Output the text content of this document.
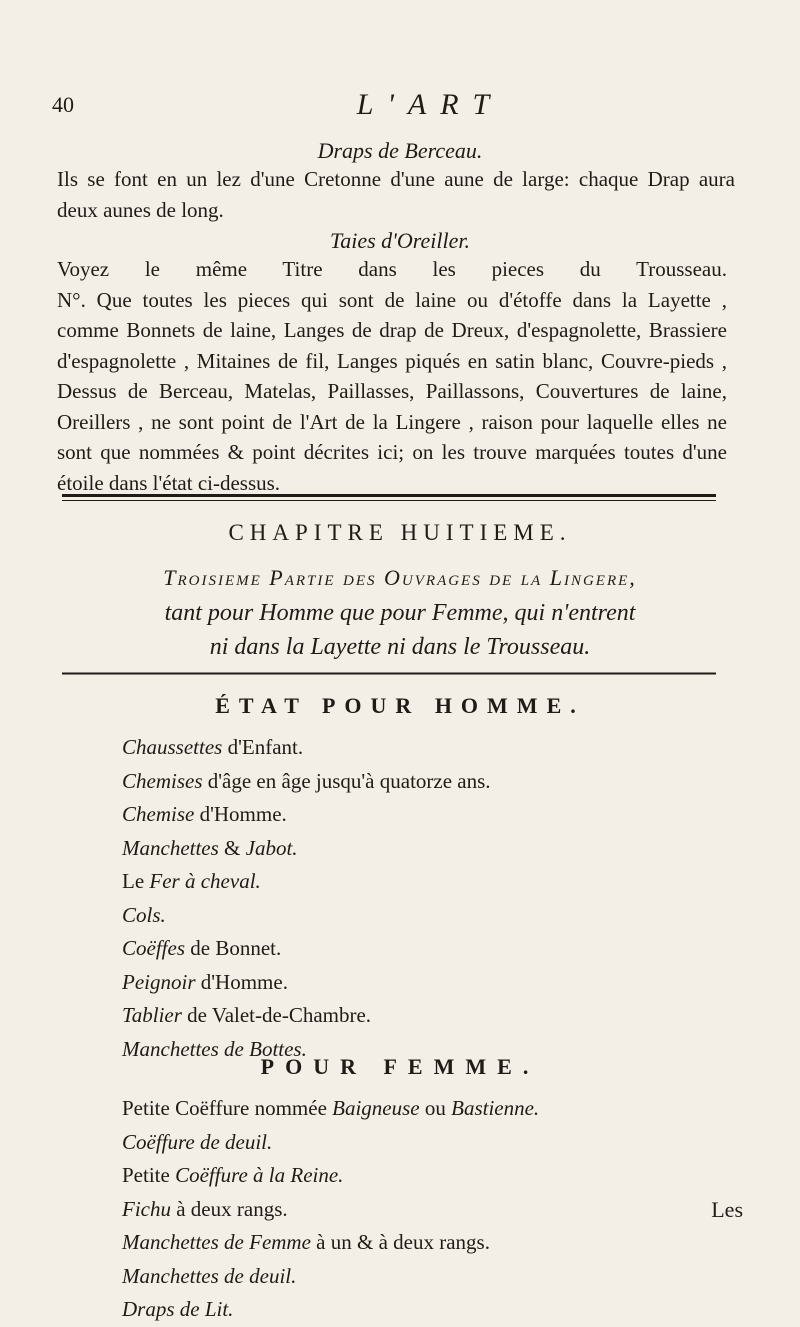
40	L'ART
Draps de Berceau.
Ils se font en un lez d'une Cretonne d'une aune de large: chaque Drap aura
deux aunes de long.
Taies d'Oreiller.
Voyez le même Titre dans les pieces du Trousseau.
N°. Que toutes les pieces qui sont de laine ou d'étoffe dans la Layette ,
comme Bonnets de laine, Langes de drap de Dreux, d'espagnolette, Brassiere
d'espagnolette , Mitaines de fil, Langes piqués en satin blanc, Couvre-pieds ,
Dessus de Berceau, Matelas, Paillasses, Paillassons, Couvertures de laine,
Oreillers , ne sont point de l'Art de la Lingere , raison pour laquelle elles ne
sont que nommées & point décrites ici; on les trouve marquées toutes d'une
étoile dans l'état ci-dessus.
CHAPITRE HUITIEME.
Troisieme Partie des Ouvrages de la Lingere,
tant pour Homme que pour Femme, qui n'entrent
ni dans la Layette ni dans le Trousseau.
ÉTAT POUR HOMME.
Chaussettes d'Enfant.
Chemises d'âge en âge jusqu'à quatorze ans.
Chemise d'Homme.
Manchettes & Jabot.
Le Fer à cheval.
Cols.
Coëffes de Bonnet.
Peignoir d'Homme.
Tablier de Valet-de-Chambre.
Manchettes de Bottes.
POUR FEMME.
Petite Coëffure nommée Baigneuse ou Bastienne.
Coëffure de deuil.
Petite Coëffure à la Reine.
Fichu à deux rangs.
Manchettes de Femme à un & à deux rangs.
Manchettes de deuil.
Draps de Lit.
Les
